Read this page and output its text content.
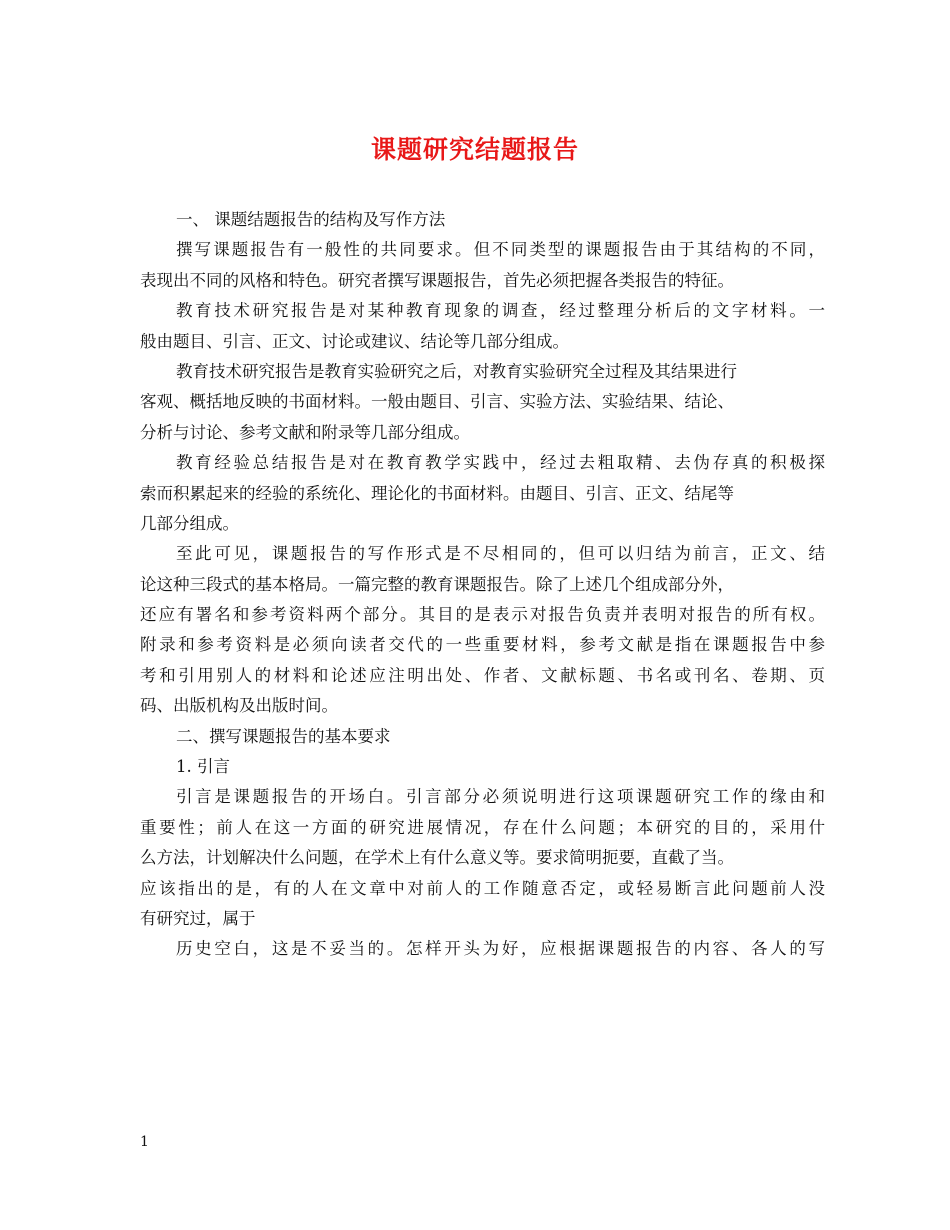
课题研究结题报告
一、 课题结题报告的结构及写作方法
撰写课题报告有一般性的共同要求。但不同类型的课题报告由于其结构的不同，
表现出不同的风格和特色。研究者撰写课题报告，首先必须把握各类报告的特征。
教育技术研究报告是对某种教育现象的调查，经过整理分析后的文字材料。一
般由题目、引言、正文、讨论或建议、结论等几部分组成。
教育技术研究报告是教育实验研究之后，对教育实验研究全过程及其结果进行
客观、概括地反映的书面材料。一般由题目、引言、实验方法、实验结果、结论、
分析与讨论、参考文献和附录等几部分组成。
教育经验总结报告是对在教育教学实践中，经过去粗取精、去伪存真的积极探
索而积累起来的经验的系统化、理论化的书面材料。由题目、引言、正文、结尾等
几部分组成。
至此可见，课题报告的写作形式是不尽相同的，但可以归结为前言，正文、结
论这种三段式的基本格局。一篇完整的教育课题报告。除了上述几个组成部分外，
还应有署名和参考资料两个部分。其目的是表示对报告负责并表明对报告的所有权。
附录和参考资料是必须向读者交代的一些重要材料，参考文献是指在课题报告中参
考和引用别人的材料和论述应注明出处、作者、文献标题、书名或刊名、卷期、页
码、出版机构及出版时间。
二、撰写课题报告的基本要求
1. 引言
引言是课题报告的开场白。引言部分必须说明进行这项课题研究工作的缘由和
重要性；前人在这一方面的研究进展情况，存在什么问题；本研究的目的，采用什
么方法，计划解决什么问题，在学术上有什么意义等。要求简明扼要，直截了当。
应该指出的是，有的人在文章中对前人的工作随意否定，或轻易断言此问题前人没
有研究过，属于
历史空白，这是不妥当的。怎样开头为好，应根据课题报告的内容、各人的写
1
